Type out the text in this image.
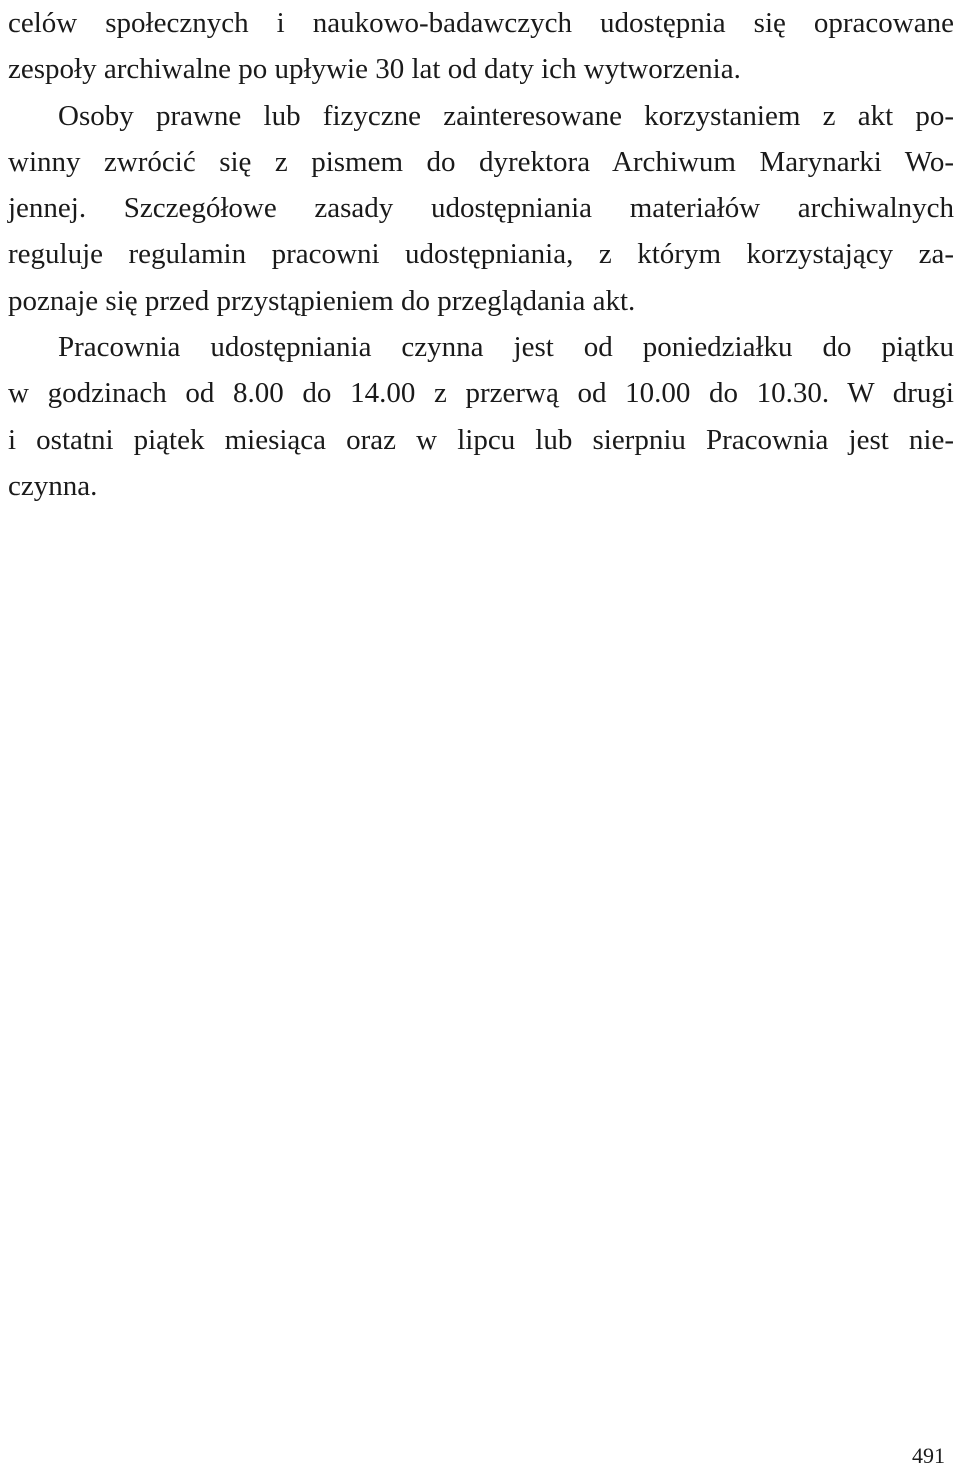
celów społecznych i naukowo-badawczych udostępnia się opracowane
zespoły archiwalne po upływie 30 lat od daty ich wytworzenia.
Osoby prawne lub fizyczne zainteresowane korzystaniem z akt po-
winny zwrócić się z pismem do dyrektora Archiwum Marynarki Wo-
jennej. Szczegółowe zasady udostępniania materiałów archiwalnych
reguluje regulamin pracowni udostępniania, z którym korzystający za-
poznaje się przed przystąpieniem do przeglądania akt.
Pracownia udostępniania czynna jest od poniedziałku do piątku
w godzinach od 8.00 do 14.00 z przerwą od 10.00 do 10.30. W drugi
i ostatni piątek miesiąca oraz w lipcu lub sierpniu Pracownia jest nie-
czynna.
491
